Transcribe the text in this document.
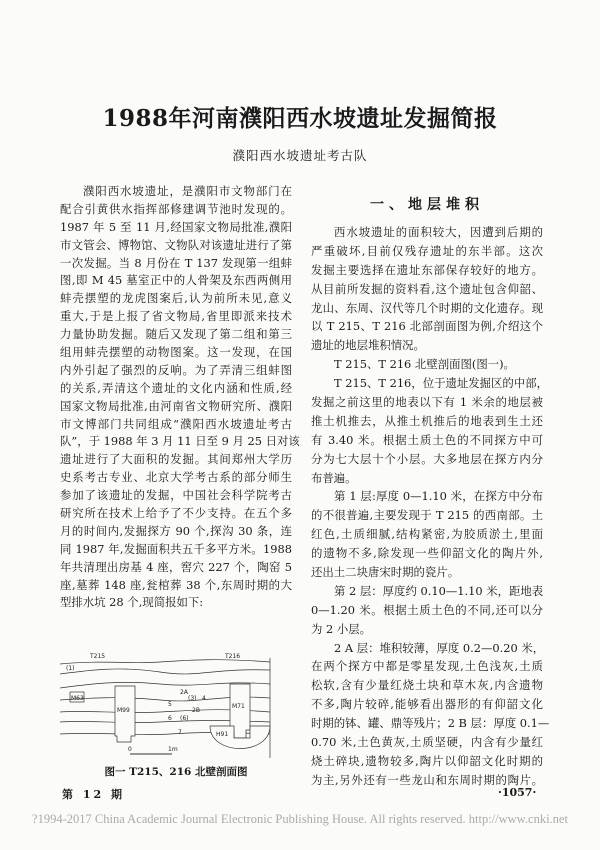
1988年河南濮阳西水坡遗址发掘简报
濮阳西水坡遗址考古队
濮阳西水坡遗址，是濮阳市文物部门在
配合引黄供水指挥部修建调节池时发现的。
1987 年 5 至 11 月,经国家文物局批准,濮阳
市文管会、博物馆、文物队对该遗址进行了第
一次发掘。当 8 月份在 T 137 发现第一组蚌
图,即 M 45 墓室正中的人骨架及东西两侧用
蚌壳摆塑的龙虎图案后,认为前所未见,意义
重大,于是上报了省文物局,省里即派来技术
力量协助发掘。随后又发现了第二组和第三
组用蚌壳摆塑的动物图案。这一发现，在国
内外引起了强烈的反响。为了弄清三组蚌图
的关系,弄清这个遗址的文化内涵和性质,经
国家文物局批准,由河南省文物研究所、濮阳
市文博部门共同组成“濮阳西水坡遗址考古
队”，于 1988 年 3 月 11 日至 9 月 25 日对该
遗址进行了大面积的发掘。其间郑州大学历
史系考古专业、北京大学考古系的部分师生
参加了该遗址的发掘，中国社会科学院考古
研究所在技术上给予了不少支持。在五个多
月的时间内,发掘探方 90 个,探沟 30 条，连
同 1987 年,发掘面积共五千多平方米。1988
年共清理出房基 4 座，窖穴 227 个，陶窑 5
座,墓葬 148 座,瓮棺葬 38 个,东周时期的大
型排水坑 28 个,现简报如下:
一、地层堆积
西水坡遗址的面积较大，因遭到后期的
严重破坏,目前仅残存遗址的东半部。这次
发掘主要选择在遗址东部保存较好的地方。
从目前所发掘的资料看,这个遗址包含仰韶、
龙山、东周、汉代等几个时期的文化遗存。现
以 T 215、T 216 北部剖面图为例,介绍这个
遗址的地层堆积情况。
T 215、T 216 北壁剖面图(图一)。
T 215、T 216，位于遗址发掘区的中部，
发掘之前这里的地表以下有 1 米余的地层被
推土机推去，从推土机推后的地表到生土还
有 3.40 米。根据土质土色的不同探方中可
分为七大层十个小层。大多地层在探方内分
布普遍。
第 1 层:厚度 0—1.10 米，在探方中分布
的不很普遍,主要发现于 T 215 的西南部。土
红色,土质细腻,结构紧密,为胶质淤土,里面
的遗物不多,除发现一些仰韶文化的陶片外,
还出土二块唐宋时期的瓷片。
第 2 层：厚度约 0.10—1.10 米，距地表
0—1.20 米。根据土质土色的不同,还可以分
为 2 小层。
2 A 层：堆积较薄，厚度 0.2—0.20 米，
在两个探方中都是零星发现,土色浅灰,土质
松软,含有少量红烧土块和草木灰,内含遗物
不多,陶片较碎,能够看出器形的有仰韶文化
时期的钵、罐、鼎等残片；2 B 层：厚度 0.1—
0.70 米,土色黄灰,土质坚硬，内含有少量红
烧土碎块,遗物较多,陶片以仰韶文化时期的
为主,另外还有一些龙山和东周时期的陶片。
T215	T216
(1)
M63
M99
M71
H91
5
6 (6)
4
(3)
2A
2B
7
0	1m
图一 T215、216 北壁剖面图
第 12 期	·1057·
?1994-2017 China Academic Journal Electronic Publishing House. All rights reserved. http://www.cnki.net
